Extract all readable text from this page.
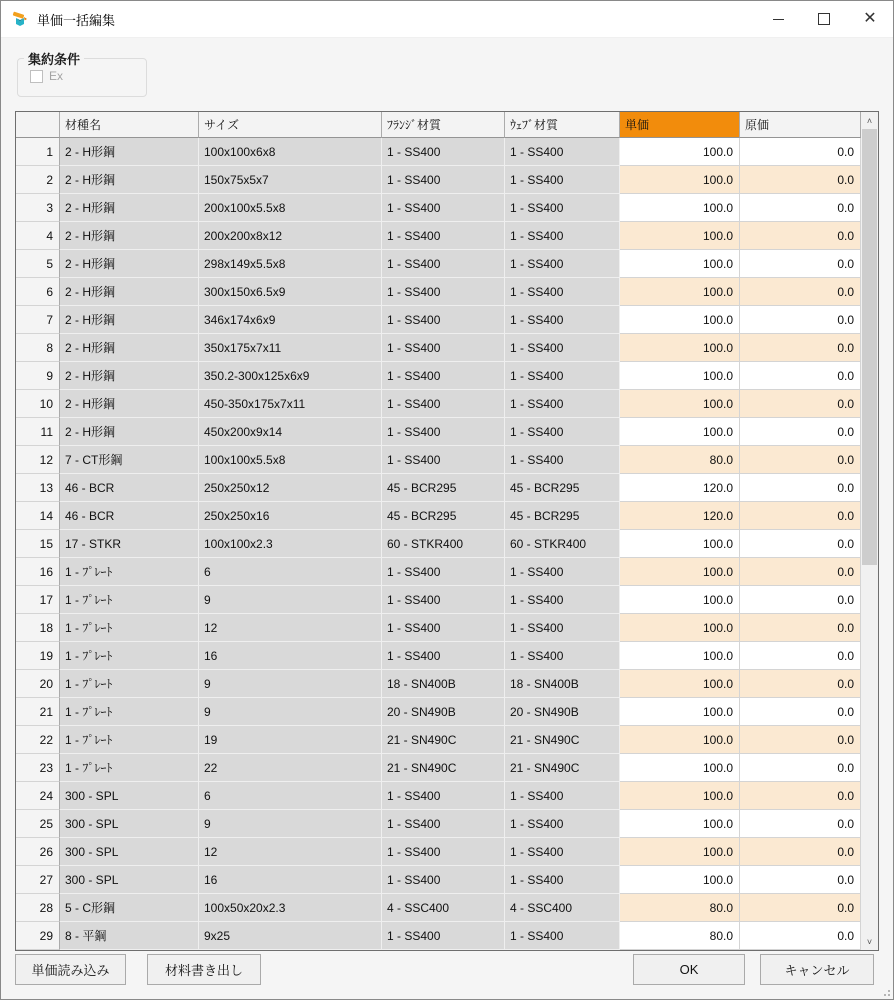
単価一括編集	✕
集約条件
Ex
	材種名	サイズ	ﾌﾗﾝｼﾞ材質	ｳｪﾌﾞ材質	単価	原価
1	2 - H形鋼	100x100x6x8	1 - SS400	1 - SS400	100.0	0.0
2	2 - H形鋼	150x75x5x7	1 - SS400	1 - SS400	100.0	0.0
3	2 - H形鋼	200x100x5.5x8	1 - SS400	1 - SS400	100.0	0.0
4	2 - H形鋼	200x200x8x12	1 - SS400	1 - SS400	100.0	0.0
5	2 - H形鋼	298x149x5.5x8	1 - SS400	1 - SS400	100.0	0.0
6	2 - H形鋼	300x150x6.5x9	1 - SS400	1 - SS400	100.0	0.0
7	2 - H形鋼	346x174x6x9	1 - SS400	1 - SS400	100.0	0.0
8	2 - H形鋼	350x175x7x11	1 - SS400	1 - SS400	100.0	0.0
9	2 - H形鋼	350.2-300x125x6x9	1 - SS400	1 - SS400	100.0	0.0
10	2 - H形鋼	450-350x175x7x11	1 - SS400	1 - SS400	100.0	0.0
11	2 - H形鋼	450x200x9x14	1 - SS400	1 - SS400	100.0	0.0
12	7 - CT形鋼	100x100x5.5x8	1 - SS400	1 - SS400	80.0	0.0
13	46 - BCR	250x250x12	45 - BCR295	45 - BCR295	120.0	0.0
14	46 - BCR	250x250x16	45 - BCR295	45 - BCR295	120.0	0.0
15	17 - STKR	100x100x2.3	60 - STKR400	60 - STKR400	100.0	0.0
16	1 - ﾌﾟﾚｰﾄ	6	1 - SS400	1 - SS400	100.0	0.0
17	1 - ﾌﾟﾚｰﾄ	9	1 - SS400	1 - SS400	100.0	0.0
18	1 - ﾌﾟﾚｰﾄ	12	1 - SS400	1 - SS400	100.0	0.0
19	1 - ﾌﾟﾚｰﾄ	16	1 - SS400	1 - SS400	100.0	0.0
20	1 - ﾌﾟﾚｰﾄ	9	18 - SN400B	18 - SN400B	100.0	0.0
21	1 - ﾌﾟﾚｰﾄ	9	20 - SN490B	20 - SN490B	100.0	0.0
22	1 - ﾌﾟﾚｰﾄ	19	21 - SN490C	21 - SN490C	100.0	0.0
23	1 - ﾌﾟﾚｰﾄ	22	21 - SN490C	21 - SN490C	100.0	0.0
24	300 - SPL	6	1 - SS400	1 - SS400	100.0	0.0
25	300 - SPL	9	1 - SS400	1 - SS400	100.0	0.0
26	300 - SPL	12	1 - SS400	1 - SS400	100.0	0.0
27	300 - SPL	16	1 - SS400	1 - SS400	100.0	0.0
28	5 - C形鋼	100x50x20x2.3	4 - SSC400	4 - SSC400	80.0	0.0
29	8 - 平鋼	9x25	1 - SS400	1 - SS400	80.0	0.0
˄
˅
単価読み込み	材料書き出し	OK	キャンセル
